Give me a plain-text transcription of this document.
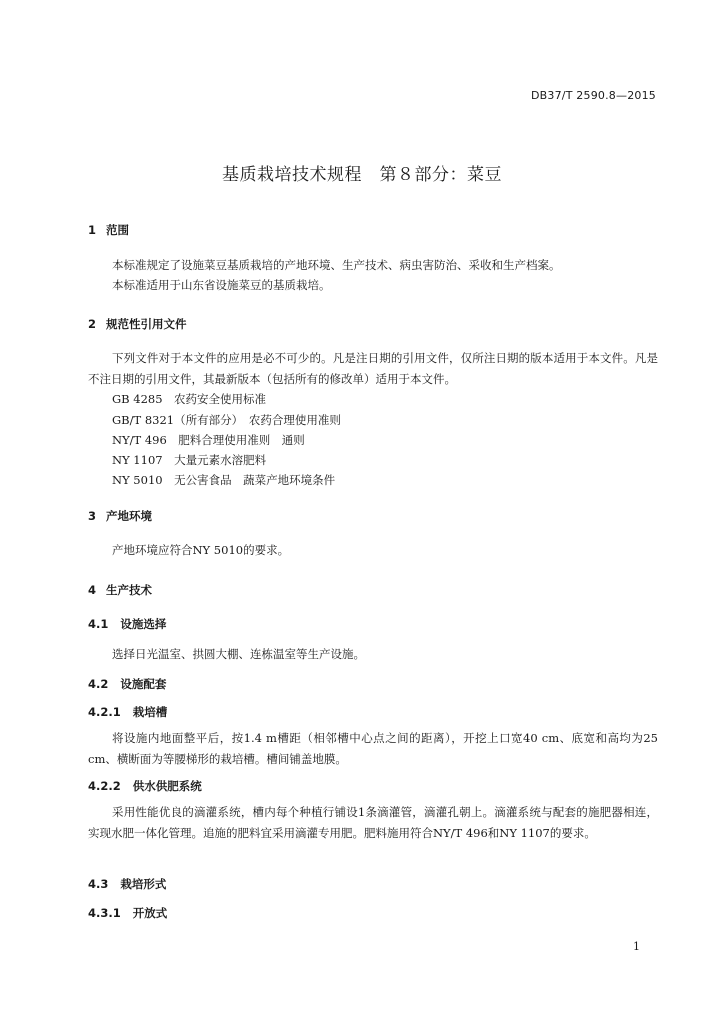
DB37/T 2590.8—2015
基质栽培技术规程　第８部分：菜豆
1 范围
本标准规定了设施菜豆基质栽培的产地环境、生产技术、病虫害防治、采收和生产档案。
本标准适用于山东省设施菜豆的基质栽培。
2 规范性引用文件
下列文件对于本文件的应用是必不可少的。凡是注日期的引用文件，仅所注日期的版本适用于本文件。凡是不注日期的引用文件，其最新版本（包括所有的修改单）适用于本文件。
GB 4285　农药安全使用标准
GB/T 8321（所有部分）　农药合理使用准则
NY/T 496　肥料合理使用准则　通则
NY 1107　大量元素水溶肥料
NY 5010　无公害食品　蔬菜产地环境条件
3 产地环境
产地环境应符合NY 5010的要求。
4 生产技术
4.1 设施选择
选择日光温室、拱圆大棚、连栋温室等生产设施。
4.2 设施配套
4.2.1 栽培槽
将设施内地面整平后，按1.4 m槽距（相邻槽中心点之间的距离），开挖上口宽40 cm、底宽和高均为25 cm、横断面为等腰梯形的栽培槽。槽间铺盖地膜。
4.2.2 供水供肥系统
采用性能优良的滴灌系统，槽内每个种植行铺设1条滴灌管，滴灌孔朝上。滴灌系统与配套的施肥器相连，实现水肥一体化管理。追施的肥料宜采用滴灌专用肥。肥料施用符合NY/T 496和NY 1107的要求。
4.3 栽培形式
4.3.1 开放式
1
